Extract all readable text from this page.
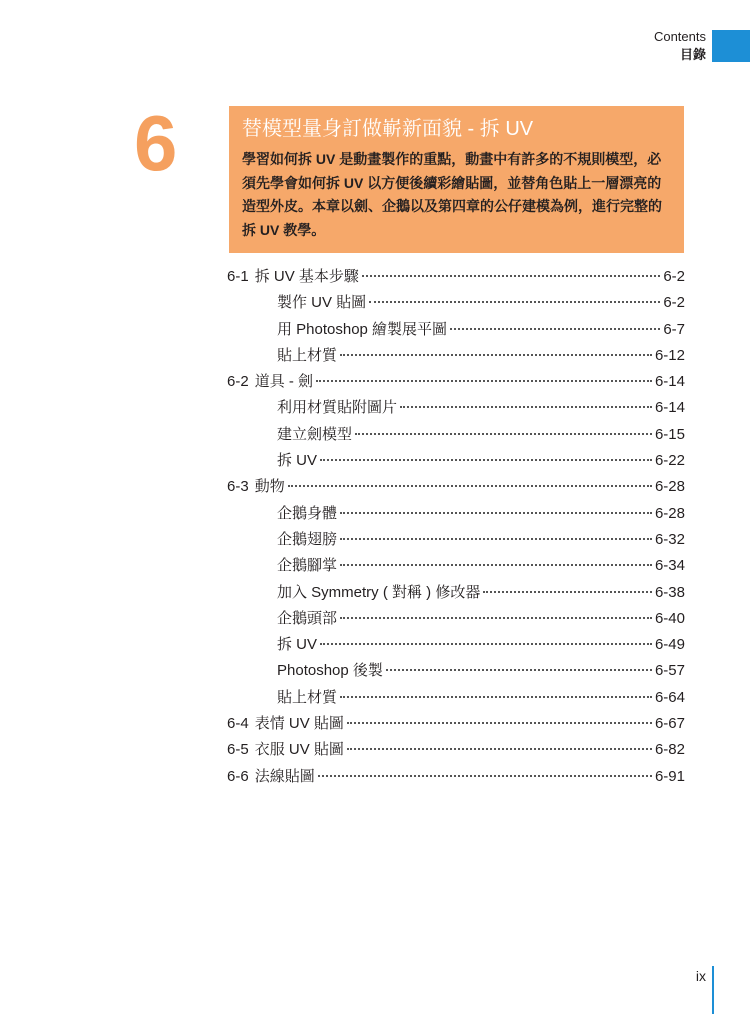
Contents
目錄
6	替模型量身訂做嶄新面貌 - 拆 UV

學習如何拆 UV 是動畫製作的重點，動畫中有許多的不規則模型，必須先學會如何拆 UV 以方便後續彩繪貼圖，並替角色貼上一層漂亮的造型外皮。本章以劍、企鵝以及第四章的公仔建模為例，進行完整的拆 UV 教學。

6-1 拆 UV 基本步驟	6-2
製作 UV 貼圖	6-2
用 Photoshop 繪製展平圖	6-7
貼上材質	6-12
6-2 道具 - 劍	6-14
利用材質貼附圖片	6-14
建立劍模型	6-15
拆 UV	6-22
6-3 動物	6-28
企鵝身體	6-28
企鵝翅膀	6-32
企鵝腳掌	6-34
加入 Symmetry ( 對稱 ) 修改器	6-38
企鵝頭部	6-40
拆 UV	6-49
Photoshop 後製	6-57
貼上材質	6-64
6-4 表情 UV 貼圖	6-67
6-5 衣服 UV 貼圖	6-82
6-6 法線貼圖	6-91
ix
